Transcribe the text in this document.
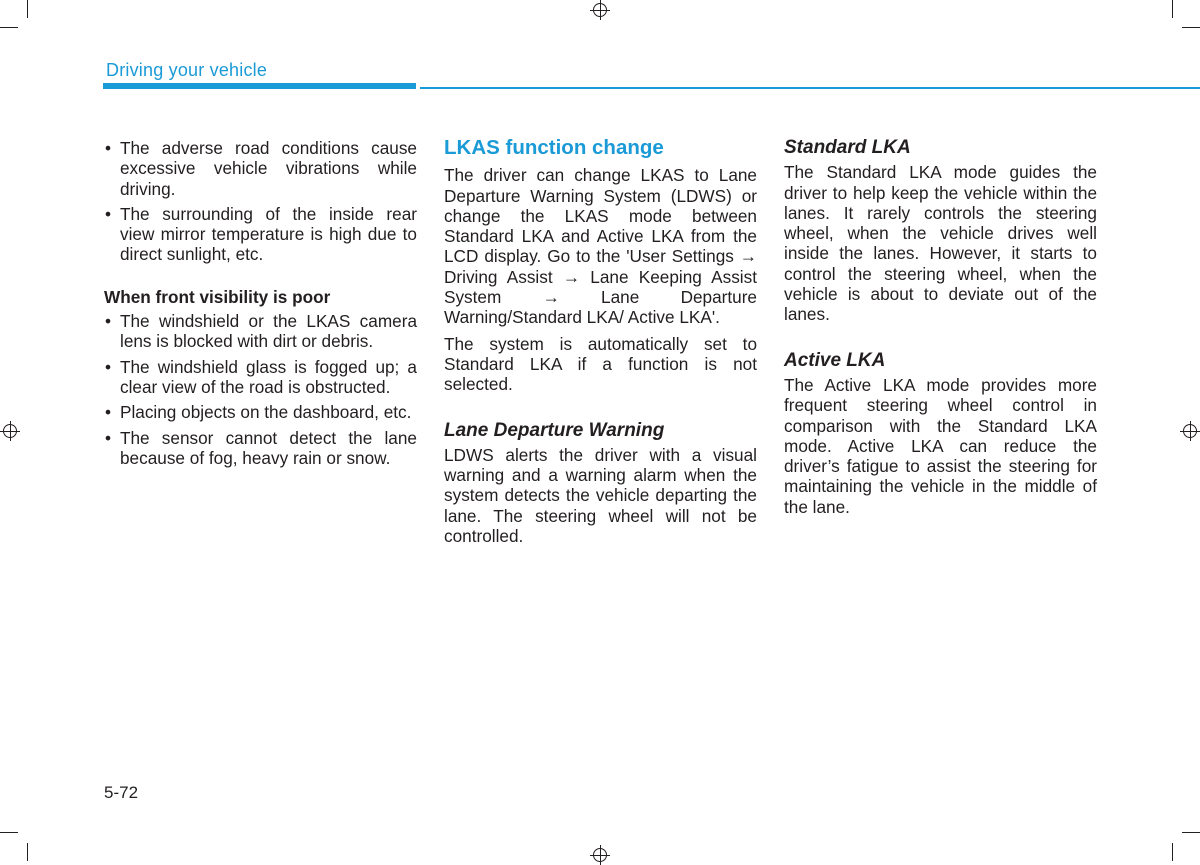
Driving your vehicle
• The adverse road conditions cause excessive vehicle vibrations while driving.
• The surrounding of the inside rear view mirror temperature is high due to direct sunlight, etc.
When front visibility is poor
• The windshield or the LKAS camera lens is blocked with dirt or debris.
• The windshield glass is fogged up; a clear view of the road is obstructed.
• Placing objects on the dashboard, etc.
• The sensor cannot detect the lane because of fog, heavy rain or snow.
LKAS function change

The driver can change LKAS to Lane Departure Warning System (LDWS) or change the LKAS mode between Standard LKA and Active LKA from the LCD display. Go to the 'User Settings → Driving Assist → Lane Keeping Assist System → Lane Departure Warning/Standard LKA/ Active LKA'.

The system is automatically set to Standard LKA if a function is not selected.

Lane Departure Warning

LDWS alerts the driver with a visual warning and a warning alarm when the system detects the vehicle departing the lane. The steering wheel will not be controlled.

Standard LKA

The Standard LKA mode guides the driver to help keep the vehicle within the lanes. It rarely controls the steering wheel, when the vehicle drives well inside the lanes. However, it starts to control the steering wheel, when the vehicle is about to deviate out of the lanes.

Active LKA

The Active LKA mode provides more frequent steering wheel control in comparison with the Standard LKA mode. Active LKA can reduce the driver’s fatigue to assist the steering for maintaining the vehicle in the middle of the lane.

5-72
